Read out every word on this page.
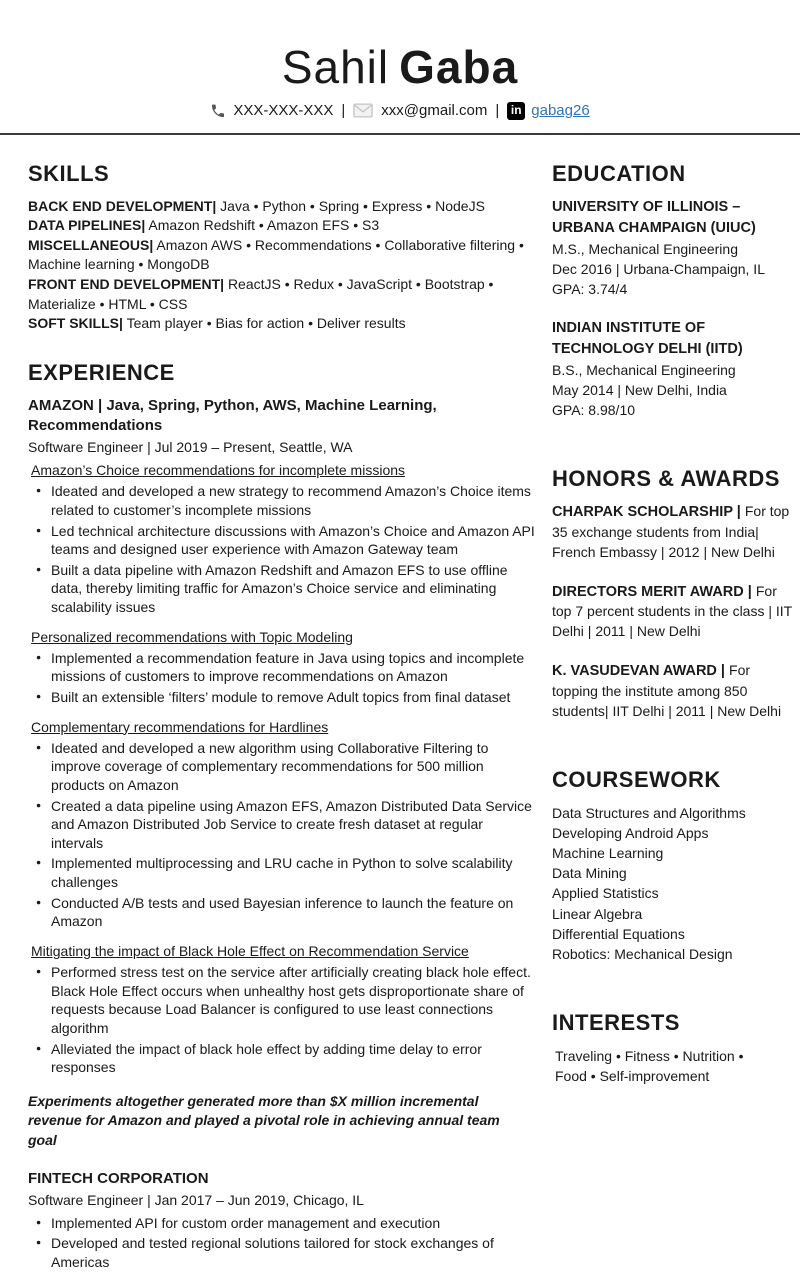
Sahil Gaba
XXX-XXX-XXX | xxx@gmail.com | in gabag26
SKILLS
BACK END DEVELOPMENT| Java • Python • Spring • Express • NodeJS
DATA PIPELINES| Amazon Redshift • Amazon EFS • S3
MISCELLANEOUS| Amazon AWS • Recommendations • Collaborative filtering • Machine learning • MongoDB
FRONT END DEVELOPMENT| ReactJS • Redux • JavaScript • Bootstrap • Materialize • HTML • CSS
SOFT SKILLS| Team player • Bias for action • Deliver results
EXPERIENCE
AMAZON | Java, Spring, Python, AWS, Machine Learning, Recommendations
Software Engineer | Jul 2019 – Present, Seattle, WA
Amazon’s Choice recommendations for incomplete missions
● Ideated and developed a new strategy to recommend Amazon’s Choice items related to customer’s incomplete missions
● Led technical architecture discussions with Amazon’s Choice and Amazon API teams and designed user experience with Amazon Gateway team
● Built a data pipeline with Amazon Redshift and Amazon EFS to use offline data, thereby limiting traffic for Amazon’s Choice service and eliminating scalability issues
Personalized recommendations with Topic Modeling
● Implemented a recommendation feature in Java using topics and incomplete missions of customers to improve recommendations on Amazon
● Built an extensible ‘filters’ module to remove Adult topics from final dataset
Complementary recommendations for Hardlines
● Ideated and developed a new algorithm using Collaborative Filtering to improve coverage of complementary recommendations for 500 million products on Amazon
● Created a data pipeline using Amazon EFS, Amazon Distributed Data Service and Amazon Distributed Job Service to create fresh dataset at regular intervals
● Implemented multiprocessing and LRU cache in Python to solve scalability challenges
● Conducted A/B tests and used Bayesian inference to launch the feature on Amazon
Mitigating the impact of Black Hole Effect on Recommendation Service
● Performed stress test on the service after artificially creating black hole effect. Black Hole Effect occurs when unhealthy host gets disproportionate share of requests because Load Balancer is configured to use least connections algorithm
● Alleviated the impact of black hole effect by adding time delay to error responses
Experiments altogether generated more than $X million incremental revenue for Amazon and played a pivotal role in achieving annual team goal
FINTECH CORPORATION
Software Engineer | Jan 2017 – Jun 2019, Chicago, IL
● Implemented API for custom order management and execution
● Developed and tested regional solutions tailored for stock exchanges of Americas
EDUCATION
UNIVERSITY OF ILLINOIS – URBANA CHAMPAIGN (UIUC)
M.S., Mechanical Engineering
Dec 2016 | Urbana-Champaign, IL
GPA: 3.74/4
INDIAN INSTITUTE OF TECHNOLOGY DELHI (IITD)
B.S., Mechanical Engineering
May 2014 | New Delhi, India
GPA: 8.98/10
HONORS & AWARDS
CHARPAK SCHOLARSHIP | For top 35 exchange students from India| French Embassy | 2012 | New Delhi
DIRECTORS MERIT AWARD | For top 7 percent students in the class | IIT Delhi | 2011 | New Delhi
K. VASUDEVAN AWARD | For topping the institute among 850 students| IIT Delhi | 2011 | New Delhi
COURSEWORK
Data Structures and Algorithms
Developing Android Apps
Machine Learning
Data Mining
Applied Statistics
Linear Algebra
Differential Equations
Robotics: Mechanical Design
INTERESTS
Traveling • Fitness • Nutrition • Food • Self-improvement
